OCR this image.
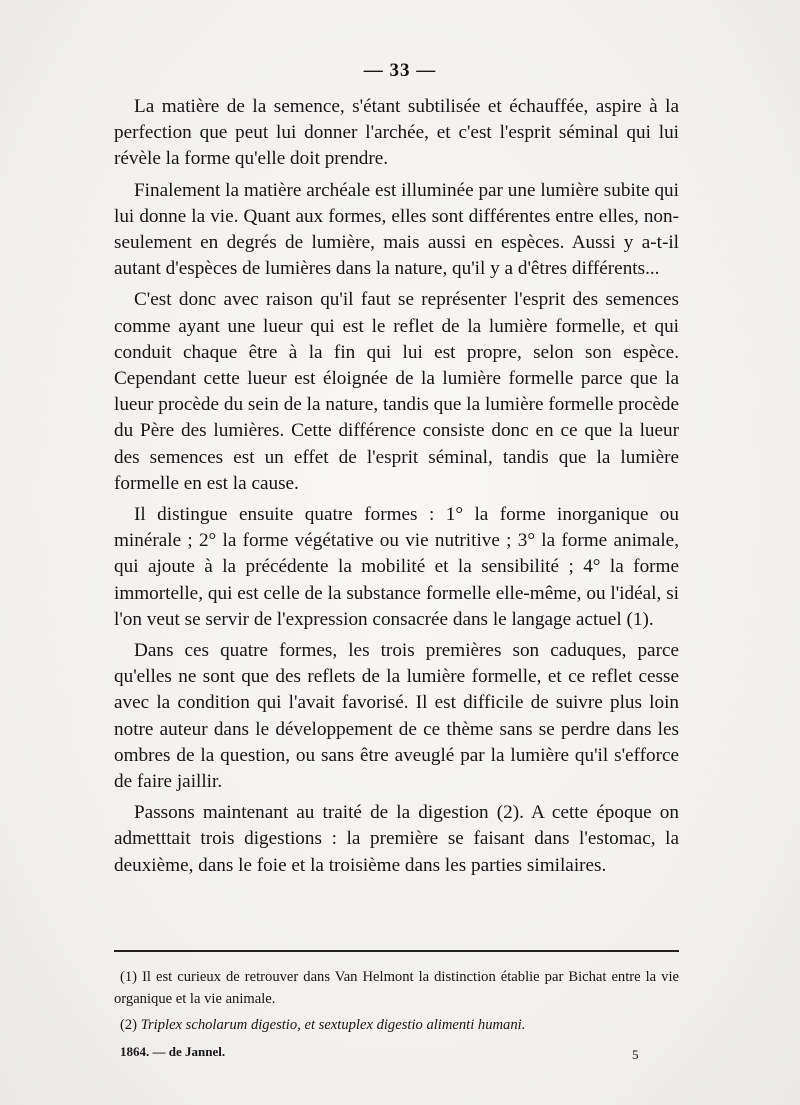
— 33 —

La matière de la semence, s'étant subtilisée et échauffée, aspire à la perfection que peut lui donner l'archée, et c'est l'esprit séminal qui lui révèle la forme qu'elle doit prendre.

Finalement la matière archéale est illuminée par une lumière subite qui lui donne la vie. Quant aux formes, elles sont différentes entre elles, non-seulement en degrés de lumière, mais aussi en espèces. Aussi y a-t-il autant d'espèces de lumières dans la nature, qu'il y a d'êtres différents...

C'est donc avec raison qu'il faut se représenter l'esprit des semences comme ayant une lueur qui est le reflet de la lumière formelle, et qui conduit chaque être à la fin qui lui est propre, selon son espèce. Cependant cette lueur est éloignée de la lumière formelle parce que la lueur procède du sein de la nature, tandis que la lumière formelle procède du Père des lumières. Cette différence consiste donc en ce que la lueur des semences est un effet de l'esprit séminal, tandis que la lumière formelle en est la cause.

Il distingue ensuite quatre formes : 1° la forme inorganique ou minérale ; 2° la forme végétative ou vie nutritive ; 3° la forme animale, qui ajoute à la précédente la mobilité et la sensibilité ; 4° la forme immortelle, qui est celle de la substance formelle elle-même, ou l'idéal, si l'on veut se servir de l'expression consacrée dans le langage actuel (1).

Dans ces quatre formes, les trois premières son caduques, parce qu'elles ne sont que des reflets de la lumière formelle, et ce reflet cesse avec la condition qui l'avait favorisé. Il est difficile de suivre plus loin notre auteur dans le développement de ce thème sans se perdre dans les ombres de la question, ou sans être aveuglé par la lumière qu'il s'efforce de faire jaillir.

Passons maintenant au traité de la digestion (2). A cette époque on admetttait trois digestions : la première se faisant dans l'estomac, la deuxième, dans le foie et la troisième dans les parties similaires.

(1) Il est curieux de retrouver dans Van Helmont la distinction établie par Bichat entre la vie organique et la vie animale.

(2) Triplex scholarum digestio, et sextuplex digestio alimenti humani.

1864. — de Jannel.	5
